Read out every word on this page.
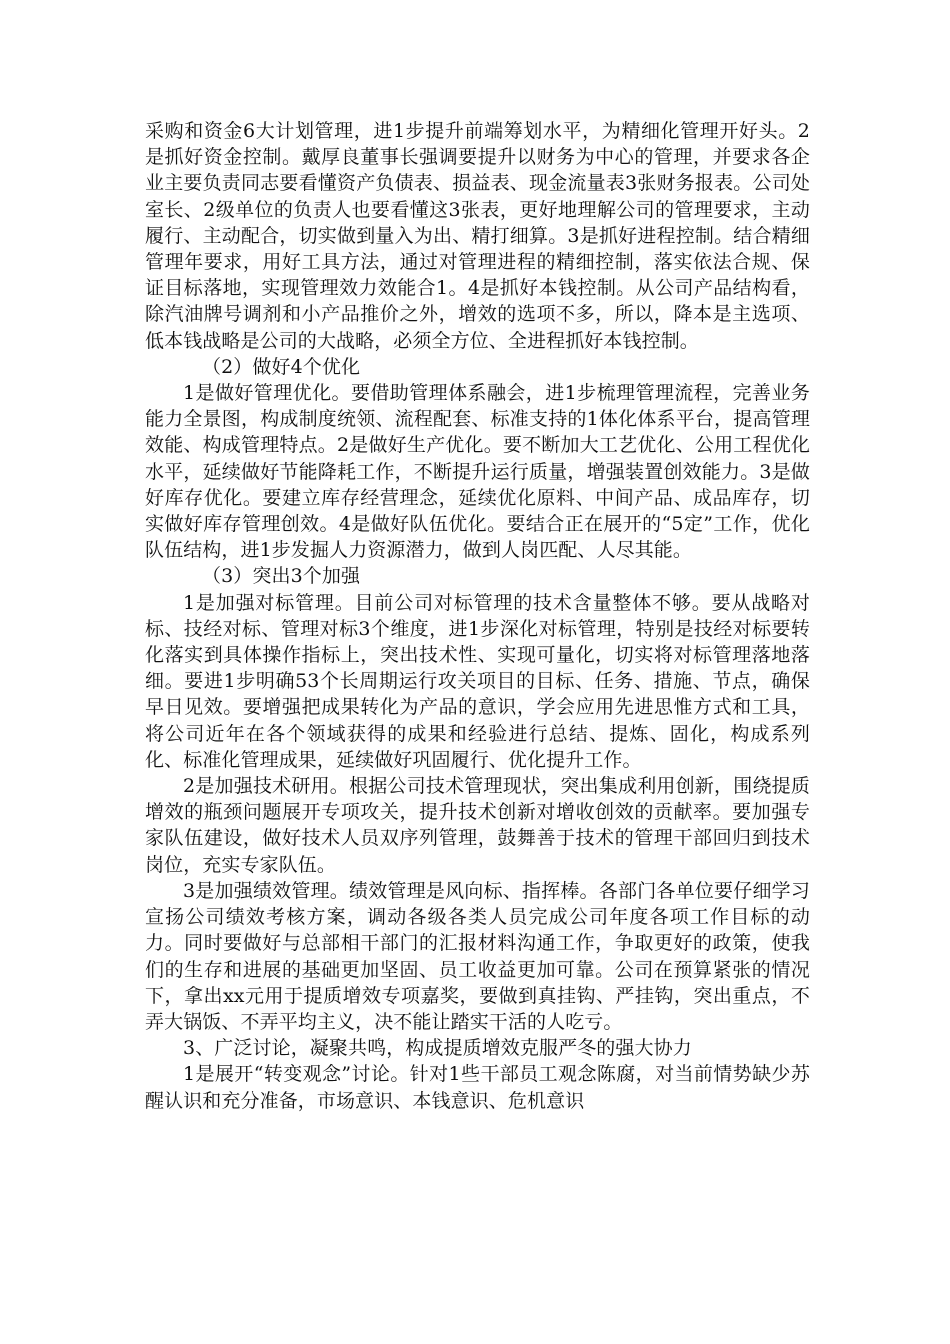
采购和资金6大计划管理，进1步提升前端筹划水平，为精细化管理开好头。2是抓好资金控制。戴厚良董事长强调要提升以财务为中心的管理，并要求各企业主要负责同志要看懂资产负债表、损益表、现金流量表3张财务报表。公司处室长、2级单位的负责人也要看懂这3张表，更好地理解公司的管理要求，主动履行、主动配合，切实做到量入为出、精打细算。3是抓好进程控制。结合精细管理年要求，用好工具方法，通过对管理进程的精细控制，落实依法合规、保证目标落地，实现管理效力效能合1。4是抓好本钱控制。从公司产品结构看，除汽油牌号调剂和小产品推价之外，增效的选项不多，所以，降本是主选项、低本钱战略是公司的大战略，必须全方位、全进程抓好本钱控制。

（2）做好4个优化

1是做好管理优化。要借助管理体系融会，进1步梳理管理流程，完善业务能力全景图，构成制度统领、流程配套、标准支持的1体化体系平台，提高管理效能、构成管理特点。2是做好生产优化。要不断加大工艺优化、公用工程优化水平，延续做好节能降耗工作，不断提升运行质量，增强装置创效能力。3是做好库存优化。要建立库存经营理念，延续优化原料、中间产品、成品库存，切实做好库存管理创效。4是做好队伍优化。要结合正在展开的“5定”工作，优化队伍结构，进1步发掘人力资源潜力，做到人岗匹配、人尽其能。

（3）突出3个加强

1是加强对标管理。目前公司对标管理的技术含量整体不够。要从战略对标、技经对标、管理对标3个维度，进1步深化对标管理，特别是技经对标要转化落实到具体操作指标上，突出技术性、实现可量化，切实将对标管理落地落细。要进1步明确53个长周期运行攻关项目的目标、任务、措施、节点，确保早日见效。要增强把成果转化为产品的意识，学会应用先进思惟方式和工具，将公司近年在各个领域获得的成果和经验进行总结、提炼、固化，构成系列化、标准化管理成果，延续做好巩固履行、优化提升工作。

2是加强技术研用。根据公司技术管理现状，突出集成利用创新，围绕提质增效的瓶颈问题展开专项攻关，提升技术创新对增收创效的贡献率。要加强专家队伍建设，做好技术人员双序列管理，鼓舞善于技术的管理干部回归到技术岗位，充实专家队伍。

3是加强绩效管理。绩效管理是风向标、指挥棒。各部门各单位要仔细学习宣扬公司绩效考核方案，调动各级各类人员完成公司年度各项工作目标的动力。同时要做好与总部相干部门的汇报材料沟通工作，争取更好的政策，使我们的生存和进展的基础更加坚固、员工收益更加可靠。公司在预算紧张的情况下，拿出xx元用于提质增效专项嘉奖，要做到真挂钩、严挂钩，突出重点，不弄大锅饭、不弄平均主义，决不能让踏实干活的人吃亏。

3、广泛讨论，凝聚共鸣，构成提质增效克服严冬的强大协力

1是展开“转变观念”讨论。针对1些干部员工观念陈腐，对当前情势缺少苏醒认识和充分准备，市场意识、本钱意识、危机意识
